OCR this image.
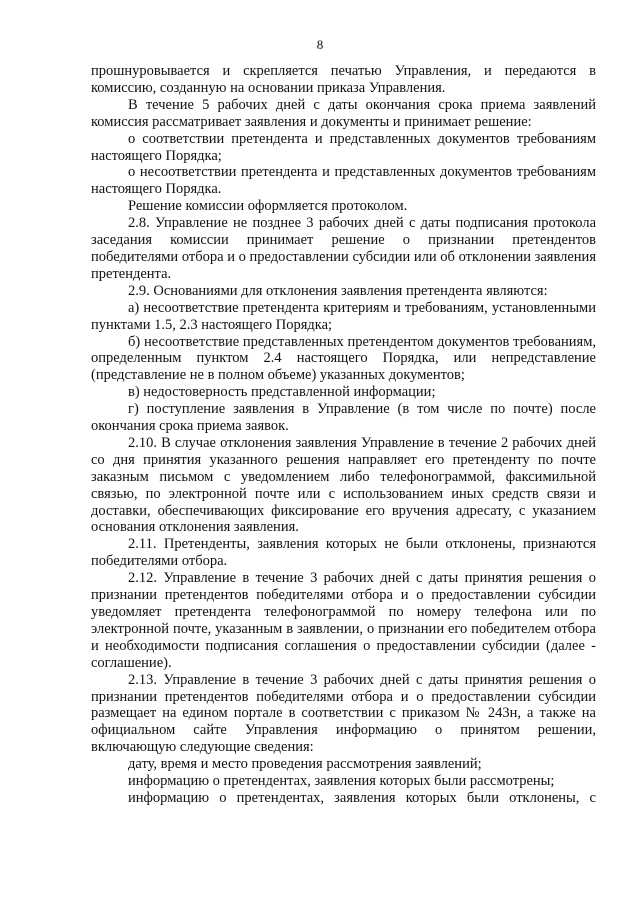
8

прошнуровывается и скрепляется печатью Управления, и передаются в комиссию, созданную на основании приказа Управления.

В течение 5 рабочих дней с даты окончания срока приема заявлений комиссия рассматривает заявления и документы и принимает решение:

о соответствии претендента и представленных документов требованиям настоящего Порядка;

о несоответствии претендента и представленных документов требованиям настоящего Порядка.

Решение комиссии оформляется протоколом.

2.8. Управление не позднее 3 рабочих дней с даты подписания протокола заседания комиссии принимает решение о признании претендентов победителями отбора и о предоставлении субсидии или об отклонении заявления претендента.

2.9. Основаниями для отклонения заявления претендента являются:

а) несоответствие претендента критериям и требованиям, установленными пунктами 1.5, 2.3 настоящего Порядка;

б) несоответствие представленных претендентом документов требованиям, определенным пунктом 2.4 настоящего Порядка, или непредставление (представление не в полном объеме) указанных документов;

в) недостоверность представленной информации;

г) поступление заявления в Управление (в том числе по почте) после окончания срока приема заявок.

2.10. В случае отклонения заявления Управление в течение 2 рабочих дней со дня принятия указанного решения направляет его претенденту по почте заказным письмом с уведомлением либо телефонограммой, факсимильной связью, по электронной почте или с использованием иных средств связи и доставки, обеспечивающих фиксирование его вручения адресату, с указанием основания отклонения заявления.

2.11. Претенденты, заявления которых не были отклонены, признаются победителями отбора.

2.12. Управление в течение 3 рабочих дней с даты принятия решения о признании претендентов победителями отбора и о предоставлении субсидии уведомляет претендента телефонограммой по номеру телефона или по электронной почте, указанным в заявлении, о признании его победителем отбора и необходимости подписания соглашения о предоставлении субсидии (далее - соглашение).

2.13. Управление в течение 3 рабочих дней с даты принятия решения о признании претендентов победителями отбора и о предоставлении субсидии размещает на едином портале в соответствии с приказом № 243н, а также на официальном сайте Управления информацию о принятом решении, включающую следующие сведения:

дату, время и место проведения рассмотрения заявлений;

информацию о претендентах, заявления которых были рассмотрены;

информацию о претендентах, заявления которых были отклонены, с
